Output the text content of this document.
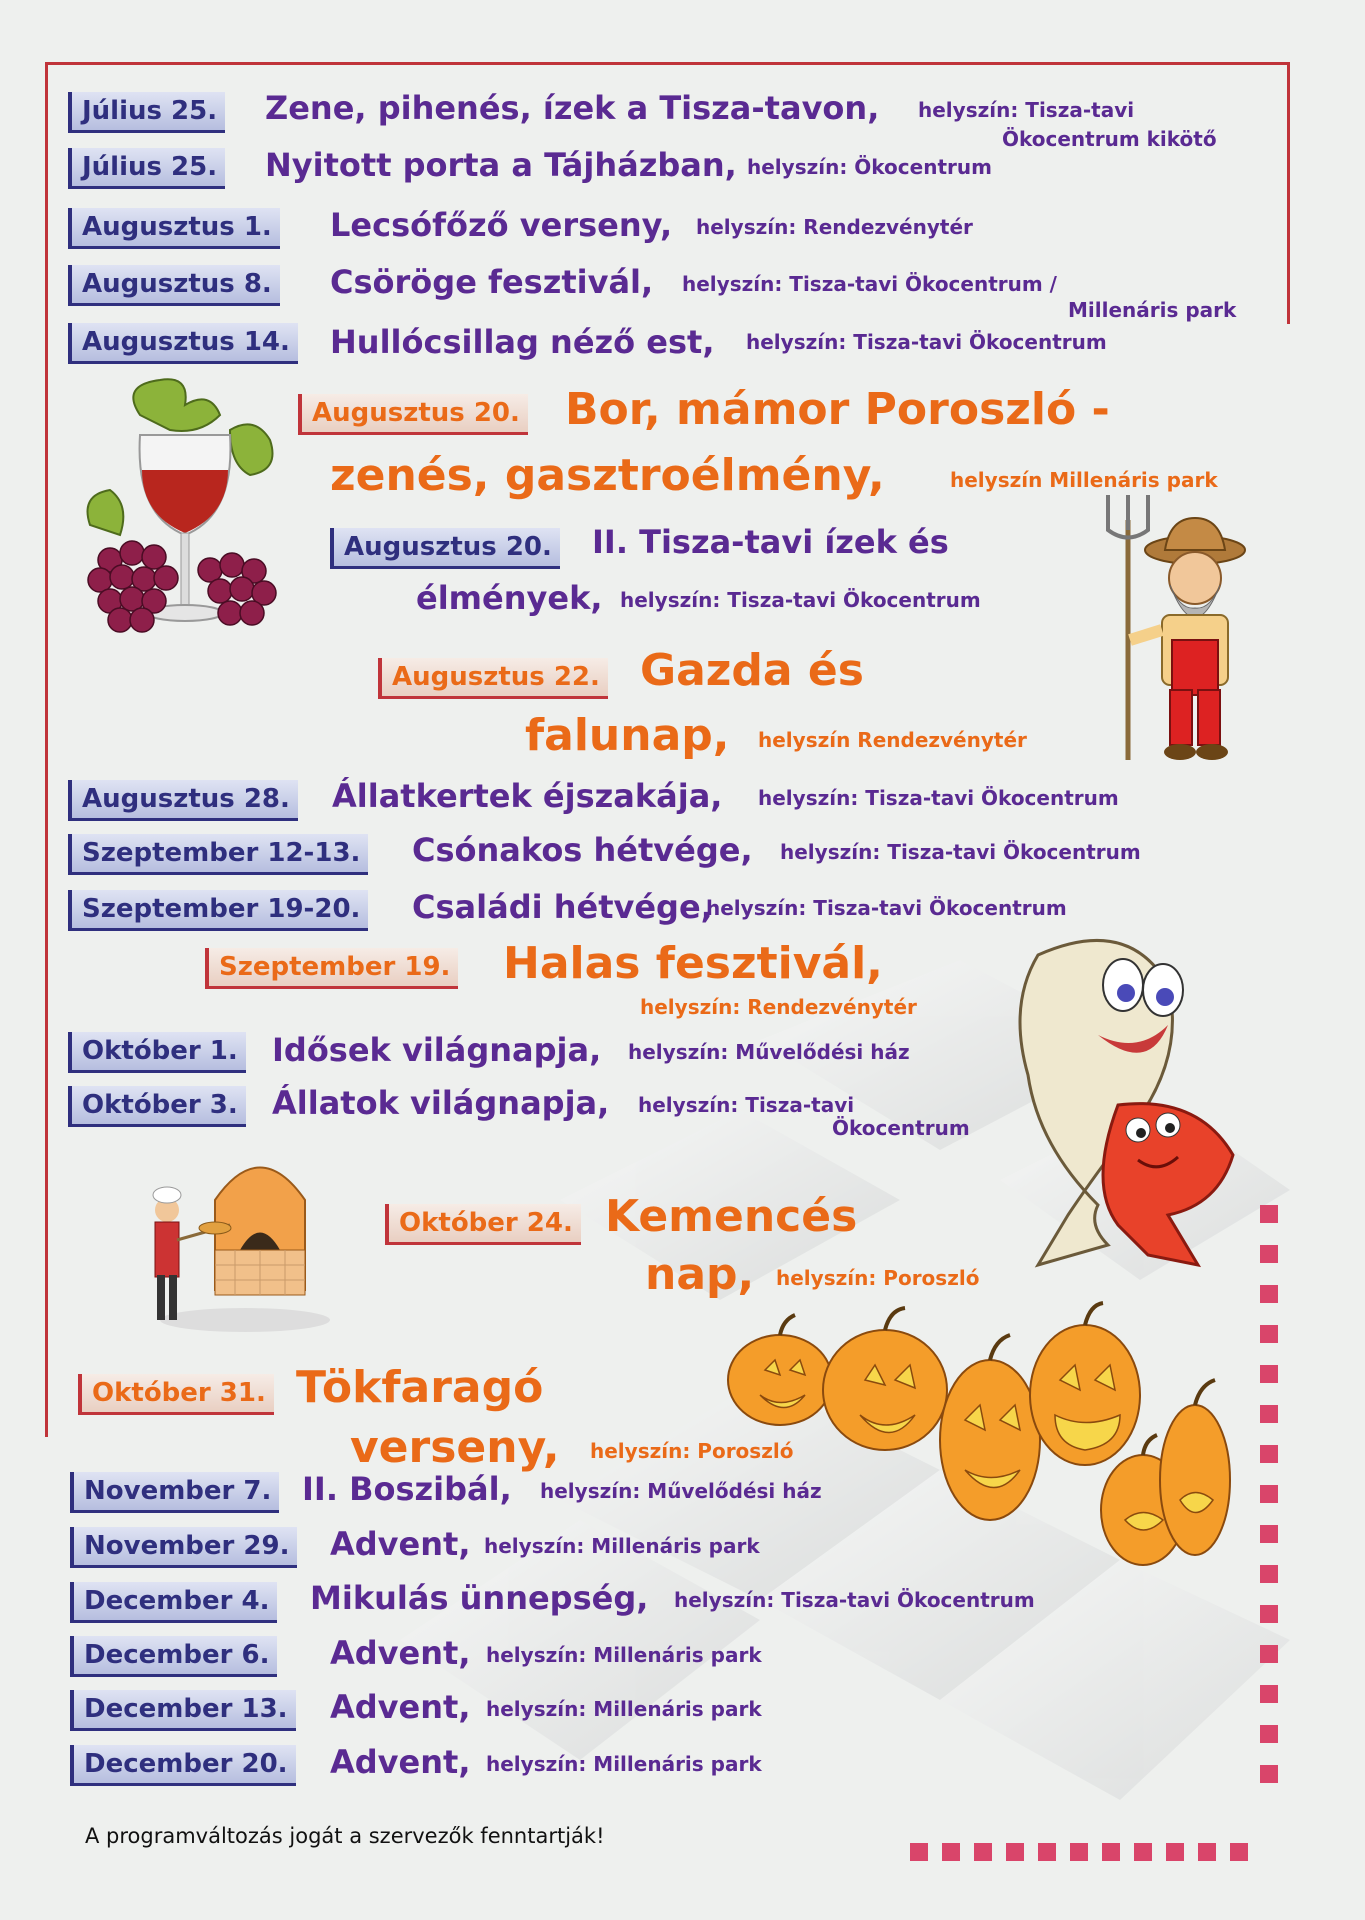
Július 25. Zene, pihenés, ízek a Tisza-tavon, helyszín: Tisza-tavi
Ökocentrum kikötő
Július 25. Nyitott porta a Tájházban, helyszín: Ökocentrum
Augusztus 1. Lecsófőző verseny, helyszín: Rendezvénytér
Augusztus 8. Csöröge fesztivál, helyszín: Tisza-tavi Ökocentrum /
Millenáris park
Augusztus 14. Hullócsillag néző est, helyszín: Tisza-tavi Ökocentrum
Augusztus 20. Bor, mámor Poroszló -
zenés, gasztroélmény,	helyszín Millenáris park
Augusztus 20. II. Tisza-tavi ízek és
élmények, helyszín: Tisza-tavi Ökocentrum
Augusztus 22. Gazda és
falunap, helyszín Rendezvénytér
Augusztus 28. Állatkertek éjszakája, helyszín: Tisza-tavi Ökocentrum
Szeptember 12-13. Csónakos hétvége, helyszín: Tisza-tavi Ökocentrum
Szeptember 19-20. Családi hétvége,
helyszín: Tisza-tavi Ökocentrum
Szeptember 19. Halas fesztivál,
helyszín: Rendezvénytér
Október 1. Idősek világnapja, helyszín: Művelődési ház
Október 3. Állatok világnapja, helyszín: Tisza-tavi
Ökocentrum
Október 24. Kemencés
nap, helyszín: Poroszló
Október 31. Tökfaragó
verseny, helyszín: Poroszló
November 7. II. Boszibál, helyszín: Művelődési ház
November 29. Advent, helyszín: Millenáris park
December 4. Mikulás ünnepség, helyszín: Tisza-tavi Ökocentrum
December 6. Advent, helyszín: Millenáris park
December 13. Advent, helyszín: Millenáris park
December 20. Advent, helyszín: Millenáris park
A programváltozás jogát a szervezők fenntartják!
